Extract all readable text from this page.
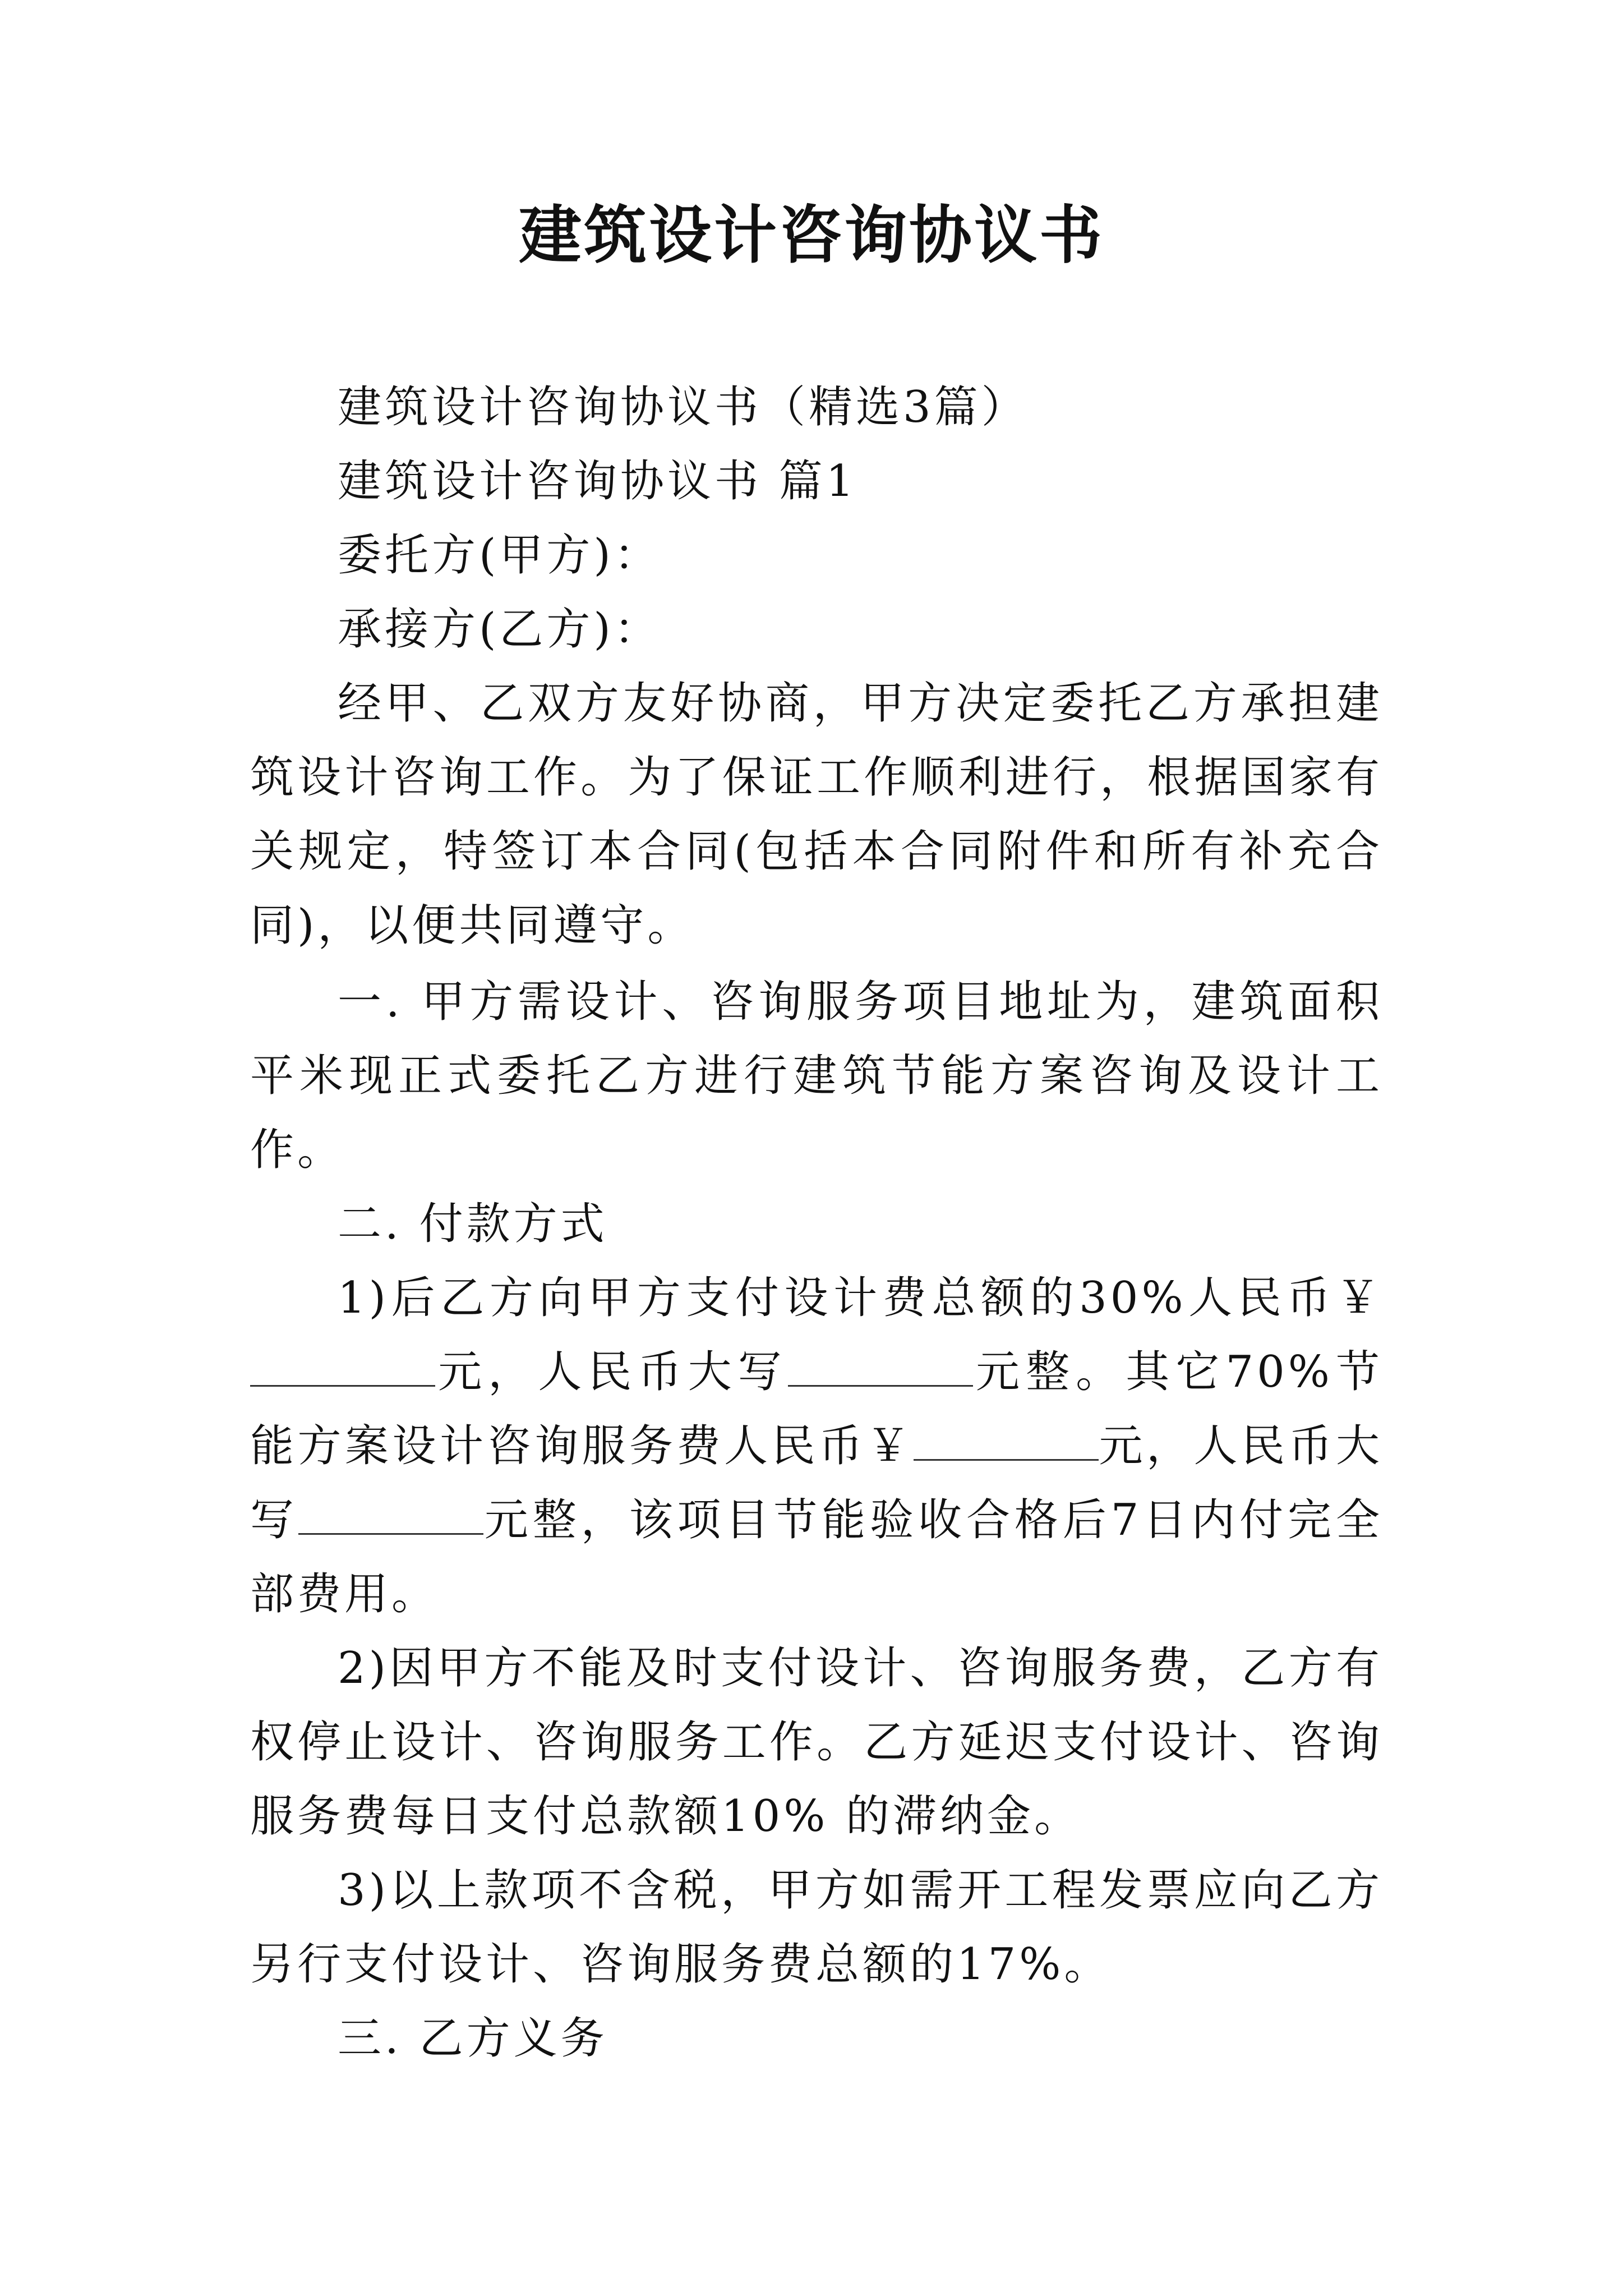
建筑设计咨询协议书

建筑设计咨询协议书（精选3篇）

建筑设计咨询协议书 篇1

委托方(甲方)：

承接方(乙方)：

经甲、乙双方友好协商，甲方决定委托乙方承担建筑设计咨询工作。为了保证工作顺利进行，根据国家有关规定，特签订本合同(包括本合同附件和所有补充合同)，以便共同遵守。

一. 甲方需设计、咨询服务项目地址为，建筑面积平米现正式委托乙方进行建筑节能方案咨询及设计工作。

二. 付款方式

1)后乙方向甲方支付设计费总额的30%人民币￥元，人民币大写	元整。其它70%节能方案设计咨询服务费人民币￥	元，人民币大写	元整，该项目节能验收合格后7日内付完全部费用。

2)因甲方不能及时支付设计、咨询服务费，乙方有权停止设计、咨询服务工作。乙方延迟支付设计、咨询服务费每日支付总款额10% 的滞纳金。

3)以上款项不含税，甲方如需开工程发票应向乙方另行支付设计、咨询服务费总额的17%。

三. 乙方义务
